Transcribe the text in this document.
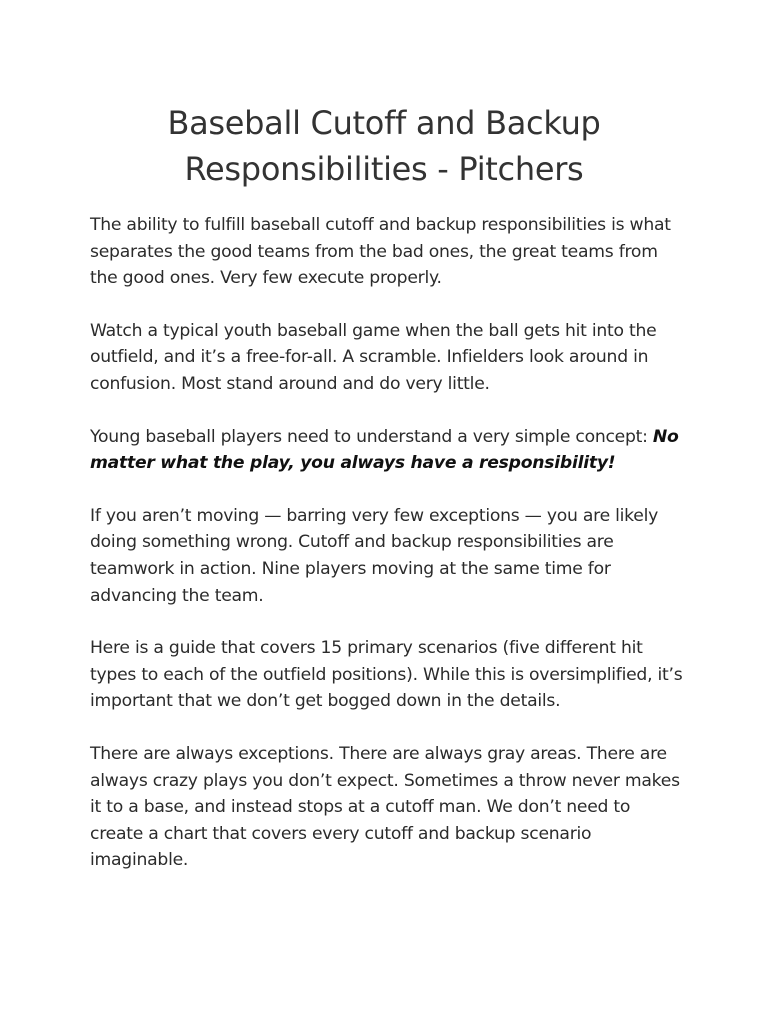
Baseball Cutoff and Backup Responsibilities - Pitchers

The ability to fulfill baseball cutoff and backup responsibilities is what separates the good teams from the bad ones, the great teams from the good ones. Very few execute properly.

Watch a typical youth baseball game when the ball gets hit into the outfield, and it’s a free-for-all. A scramble. Infielders look around in confusion. Most stand around and do very little.

Young baseball players need to understand a very simple concept: No matter what the play, you always have a responsibility!

If you aren’t moving — barring very few exceptions — you are likely doing something wrong. Cutoff and backup responsibilities are teamwork in action. Nine players moving at the same time for advancing the team.

Here is a guide that covers 15 primary scenarios (five different hit types to each of the outfield positions). While this is oversimplified, it’s important that we don’t get bogged down in the details.

There are always exceptions. There are always gray areas. There are always crazy plays you don’t expect. Sometimes a throw never makes it to a base, and instead stops at a cutoff man. We don’t need to create a chart that covers every cutoff and backup scenario imaginable.
